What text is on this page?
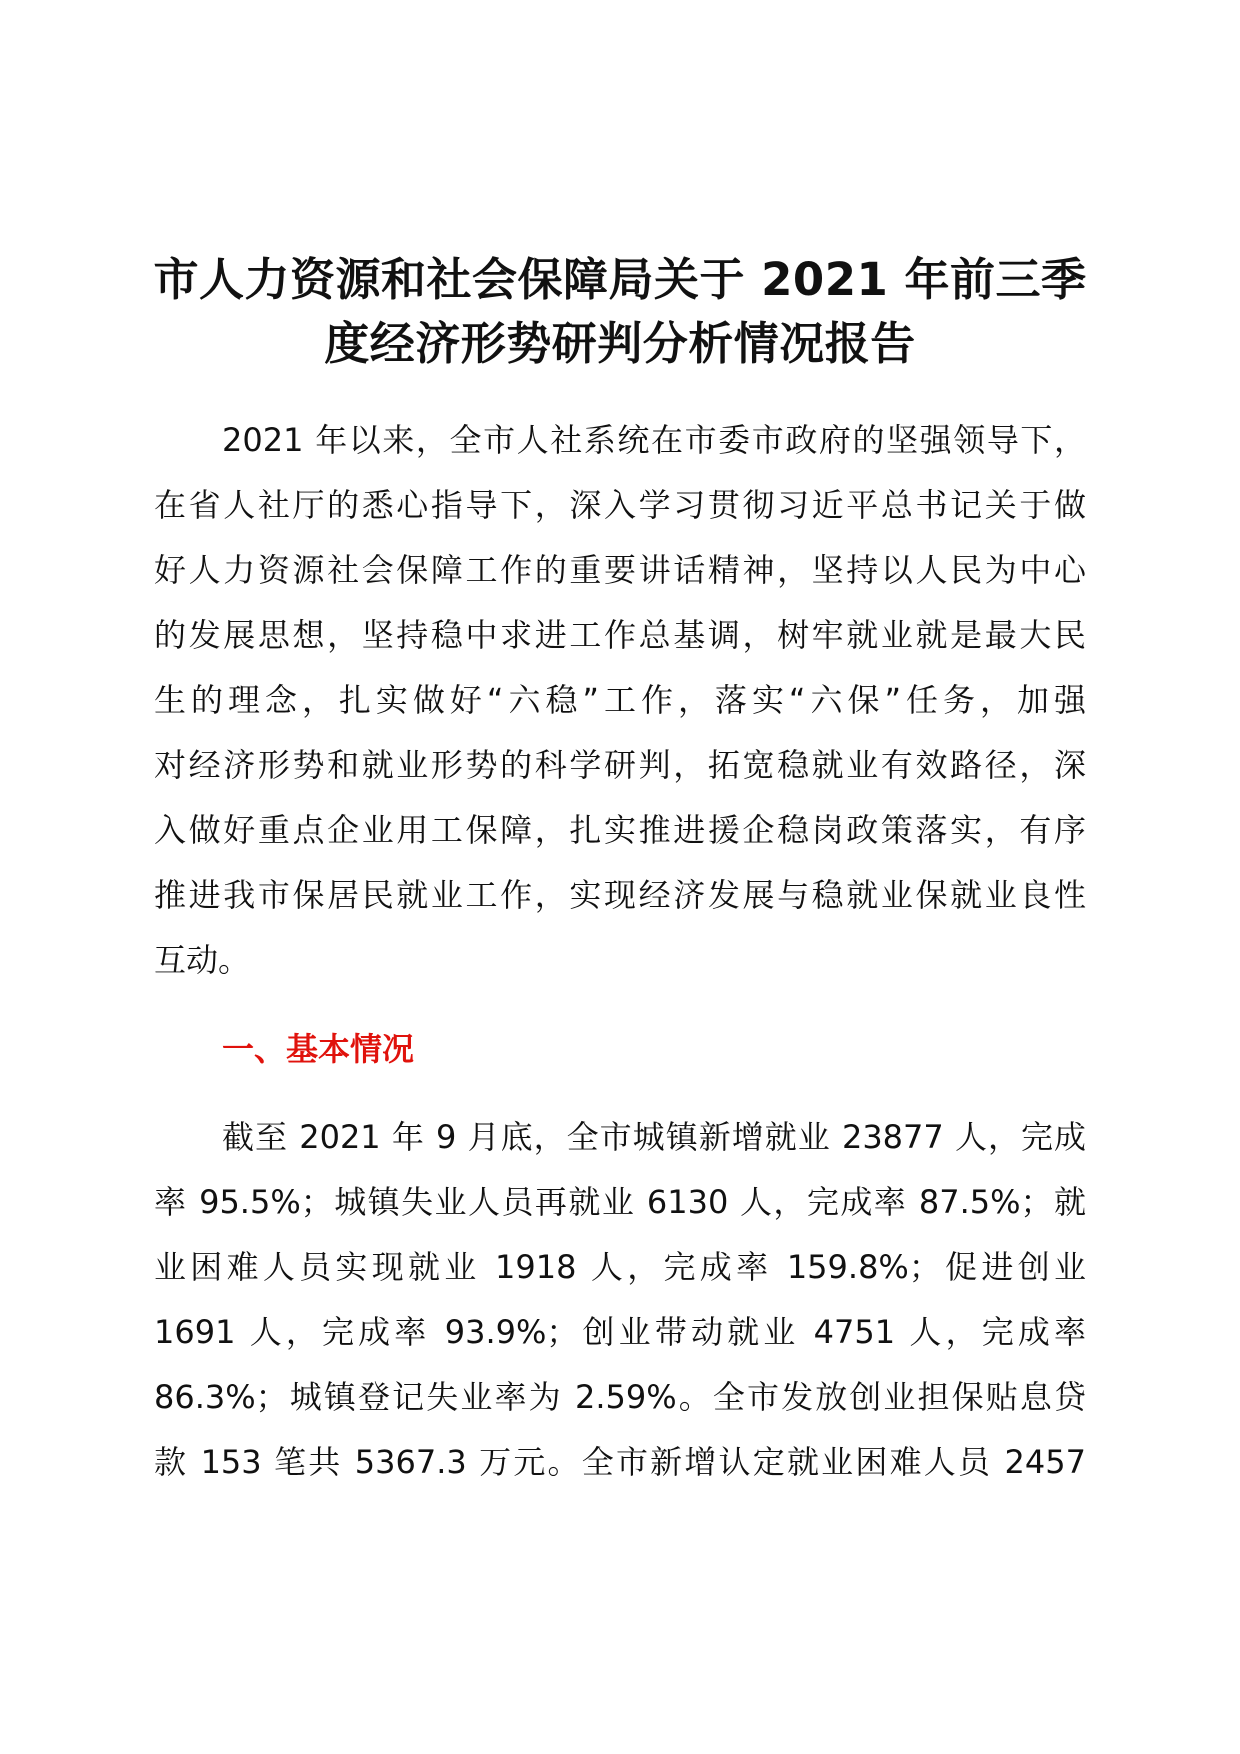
市人力资源和社会保障局关于 2021 年前三季
度经济形势研判分析情况报告
2021 年以来，全市人社系统在市委市政府的坚强领导下，
在省人社厅的悉心指导下，深入学习贯彻习近平总书记关于做
好人力资源社会保障工作的重要讲话精神，坚持以人民为中心
的发展思想，坚持稳中求进工作总基调，树牢就业就是最大民
生的理念，扎实做好“六稳”工作，落实“六保”任务，加强
对经济形势和就业形势的科学研判，拓宽稳就业有效路径，深
入做好重点企业用工保障，扎实推进援企稳岗政策落实，有序
推进我市保居民就业工作，实现经济发展与稳就业保就业良性
互动。
一、基本情况
截至 2021 年 9 月底，全市城镇新增就业 23877 人，完成
率 95.5%；城镇失业人员再就业 6130 人，完成率 87.5%；就
业困难人员实现就业 1918 人，完成率 159.8%；促进创业
1691 人，完成率 93.9%；创业带动就业 4751 人，完成率
86.3%；城镇登记失业率为 2.59%。全市发放创业担保贴息贷
款 153 笔共 5367.3 万元。全市新增认定就业困难人员 2457
